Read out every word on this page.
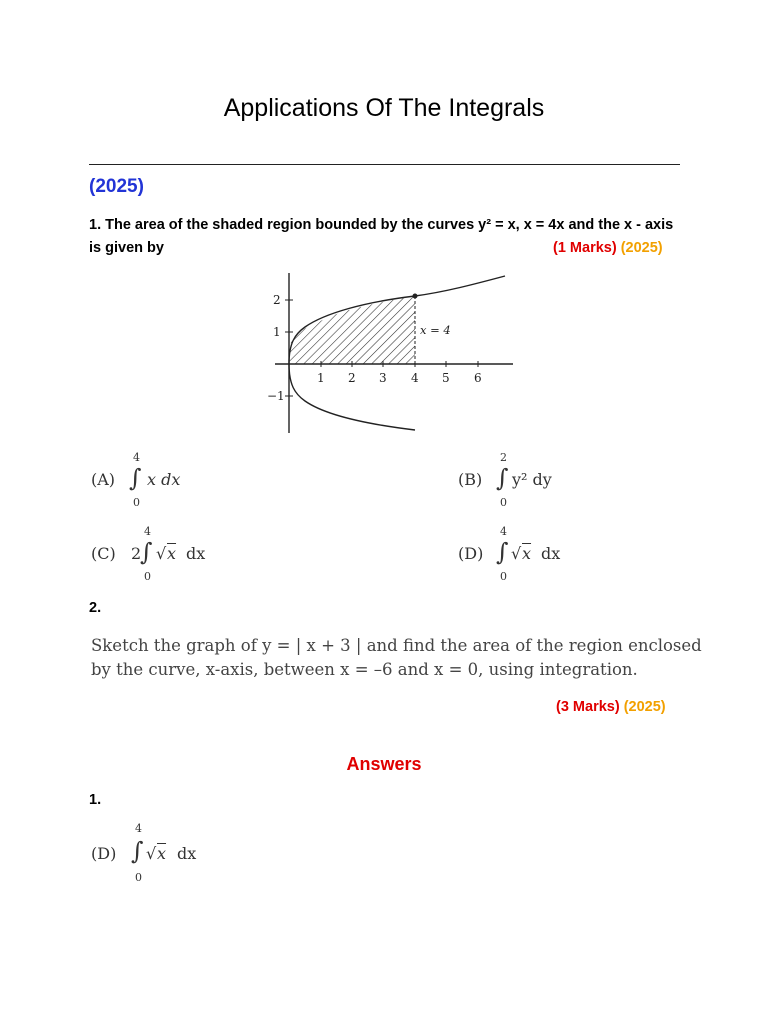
Applications Of The Integrals
(2025)
1. The area of the shaded region bounded by the curves y² = x, x = 4x and the x - axis
is given by	(1 Marks) (2025)
2
1
−1
1 2 3 4 5 6
x = 4
(A)
4
∫
0
x dx	(B)
2
∫
0
y² dy
(C) 2
4
∫
0
√ x dx	(D)
4
∫
0
√ x dx
2.
Sketch the graph of y = | x + 3 | and find the area of the region enclosed
by the curve, x-axis, between x = –6 and x = 0, using integration.
(3 Marks) (2025)
Answers
1.
(D)
4
∫
0
√ x dx
